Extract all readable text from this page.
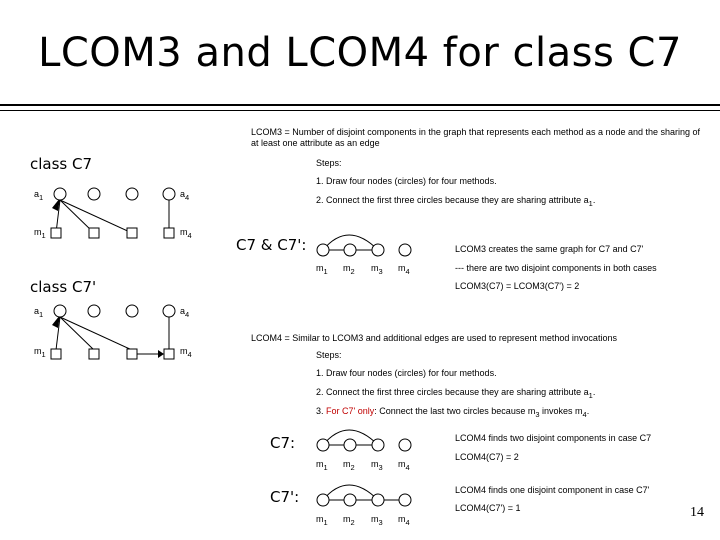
LCOM3 and LCOM4 for class C7
class C7
class C7'
$a_1$	$a_4$
$m_1$	$m_4$
$a_1$	$a_4$
$m_1$	$m_4$
LCOM3 = Number of disjoint components in the graph that represents each method as a node and the sharing of at least one attribute as an edge
Steps:
1. Draw four nodes (circles) for four methods.
2. Connect the first three circles because they are sharing attribute $a_1$.
C7 & C7':	LCOM3 creates the same graph for C7 and C7'
--- there are two disjoint components in both cases
LCOM3(C7) = LCOM3(C7') = 2
$m_1$ $m_2$ $m_3$ $m_4$
LCOM4 = Similar to LCOM3 and additional edges are used to represent method invocations
Steps:
1. Draw four nodes (circles) for four methods.
2. Connect the first three circles because they are sharing attribute $a_1$.
3. For C7' only: Connect the last two circles because $m_3$ invokes $m_4$.
C7:	LCOM4 finds two disjoint components in case C7
LCOM4(C7) = 2
$m_1$ $m_2$ $m_3$ $m_4$
C7':	LCOM4 finds one disjoint component in case C7'
LCOM4(C7') = 1
$m_1$ $m_2$ $m_3$ $m_4$
14
